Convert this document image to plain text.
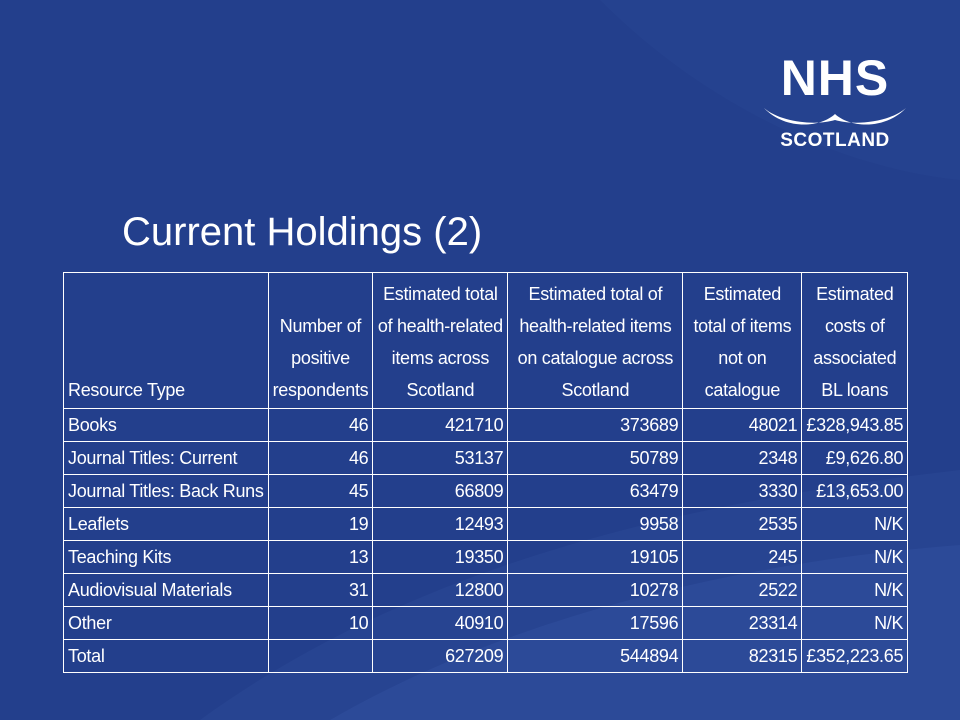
NHS
SCOTLAND
Current Holdings (2)
Resource Type	Number of positive respondents	Estimated total of health-related items across Scotland	Estimated total of health-related items on catalogue across Scotland	Estimated total of items not on catalogue	Estimated costs of associated BL loans
Books	46	421710	373689	48021	£328,943.85
Journal Titles: Current	46	53137	50789	2348	£9,626.80
Journal Titles: Back Runs	45	66809	63479	3330	£13,653.00
Leaflets	19	12493	9958	2535	N/K
Teaching Kits	13	19350	19105	245	N/K
Audiovisual Materials	31	12800	10278	2522	N/K
Other	10	40910	17596	23314	N/K
Total		627209	544894	82315	£352,223.65
